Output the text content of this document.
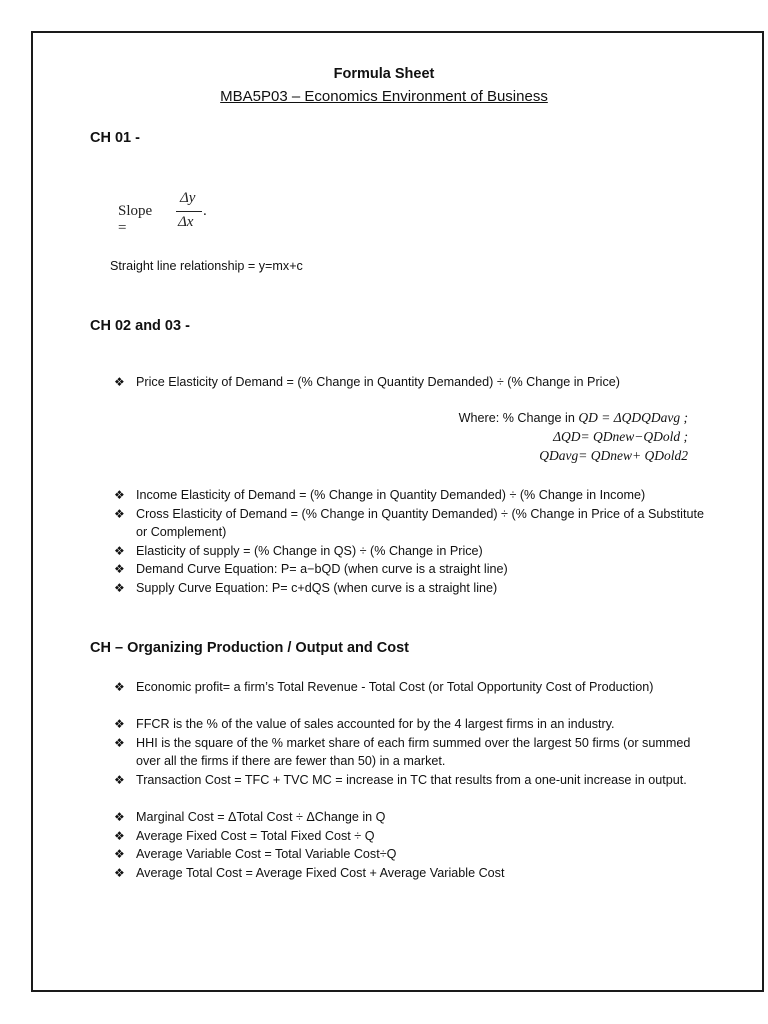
Formula Sheet
MBA5P03 – Economics Environment of Business
CH 01 -
Slope =
Δy
Δx
.
Straight line relationship = y=mx+c
CH 02 and 03 -
❖ Price Elasticity of Demand = (% Change in Quantity Demanded) ÷ (% Change in Price)
Where: % Change in QD = ΔQDQDavg ;
ΔQD= QDnew−QDold ;
QDavg= QDnew+ QDold2
❖ Income Elasticity of Demand = (% Change in Quantity Demanded) ÷ (% Change in Income)
❖ Cross Elasticity of Demand = (% Change in Quantity Demanded) ÷ (% Change in Price of a Substitute or Complement)
❖ Elasticity of supply = (% Change in QS) ÷ (% Change in Price)
❖ Demand Curve Equation: P= a−bQD (when curve is a straight line)
❖ Supply Curve Equation: P= c+dQS (when curve is a straight line)
CH – Organizing Production / Output and Cost
❖ Economic profit= a firm’s Total Revenue - Total Cost (or Total Opportunity Cost of Production)
❖ FFCR is the % of the value of sales accounted for by the 4 largest firms in an industry.
❖ HHI is the square of the % market share of each firm summed over the largest 50 firms (or summed over all the firms if there are fewer than 50) in a market.
❖ Transaction Cost = TFC + TVC MC = increase in TC that results from a one-unit increase in output.
❖ Marginal Cost = ΔTotal Cost ÷ ΔChange in Q
❖ Average Fixed Cost = Total Fixed Cost ÷ Q
❖ Average Variable Cost = Total Variable Cost÷Q
❖ Average Total Cost = Average Fixed Cost + Average Variable Cost
